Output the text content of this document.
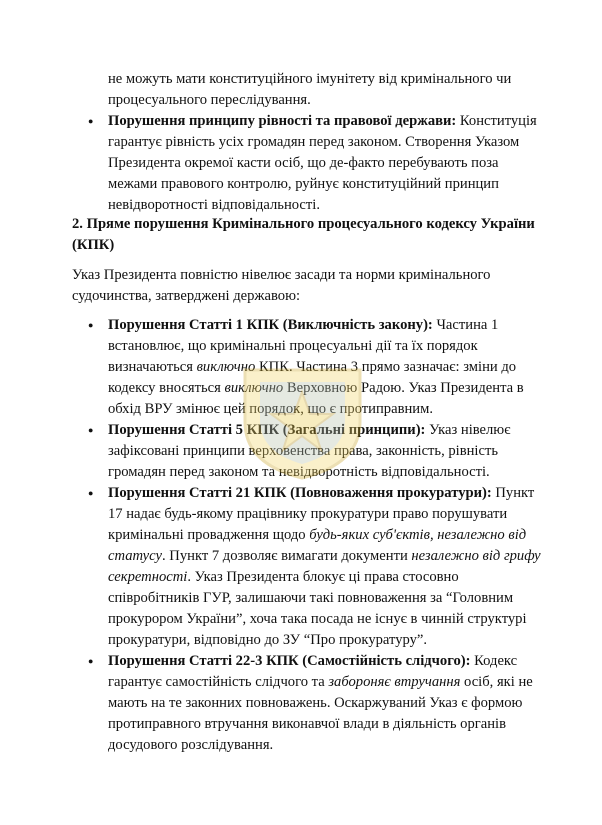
не можуть мати конституційного імунітету від кримінального чи
процесуального переслідування.
● Порушення принципу рівності та правової держави: Конституція
гарантує рівність усіх громадян перед законом. Створення Указом
Президента окремої касти осіб, що де-факто перебувають поза
межами правового контролю, руйнує конституційний принцип
невідворотності відповідальності.
2. Пряме порушення Кримінального процесуального кодексу України
(КПК)
Указ Президента повністю нівелює засади та норми кримінального
судочинства, затверджені державою:
● Порушення Статті 1 КПК (Виключність закону): Частина 1
встановлює, що кримінальні процесуальні дії та їх порядок
визначаються виключно КПК. Частина 3 прямо зазначає: зміни до
кодексу вносяться виключно Верховною Радою. Указ Президента в
обхід ВРУ змінює цей порядок, що є протиправним.
● Порушення Статті 5 КПК (Загальні принципи): Указ нівелює
зафіксовані принципи верховенства права, законність, рівність
громадян перед законом та невідворотність відповідальності.
● Порушення Статті 21 КПК (Повноваження прокуратури): Пункт
17 надає будь-якому працівнику прокуратури право порушувати
кримінальні провадження щодо будь-яких суб'єктів, незалежно від
статусу. Пункт 7 дозволяє вимагати документи незалежно від грифу
секретності. Указ Президента блокує ці права стосовно
співробітників ГУР, залишаючи такі повноваження за “Головним
прокурором України”, хоча така посада не існує в чинній структурі
прокуратури, відповідно до ЗУ “Про прокуратуру”.
● Порушення Статті 22-3 КПК (Самостійність слідчого): Кодекс
гарантує самостійність слідчого та забороняє втручання осіб, які не
мають на те законних повноважень. Оскаржуваний Указ є формою
протиправного втручання виконавчої влади в діяльність органів
досудового розслідування.
